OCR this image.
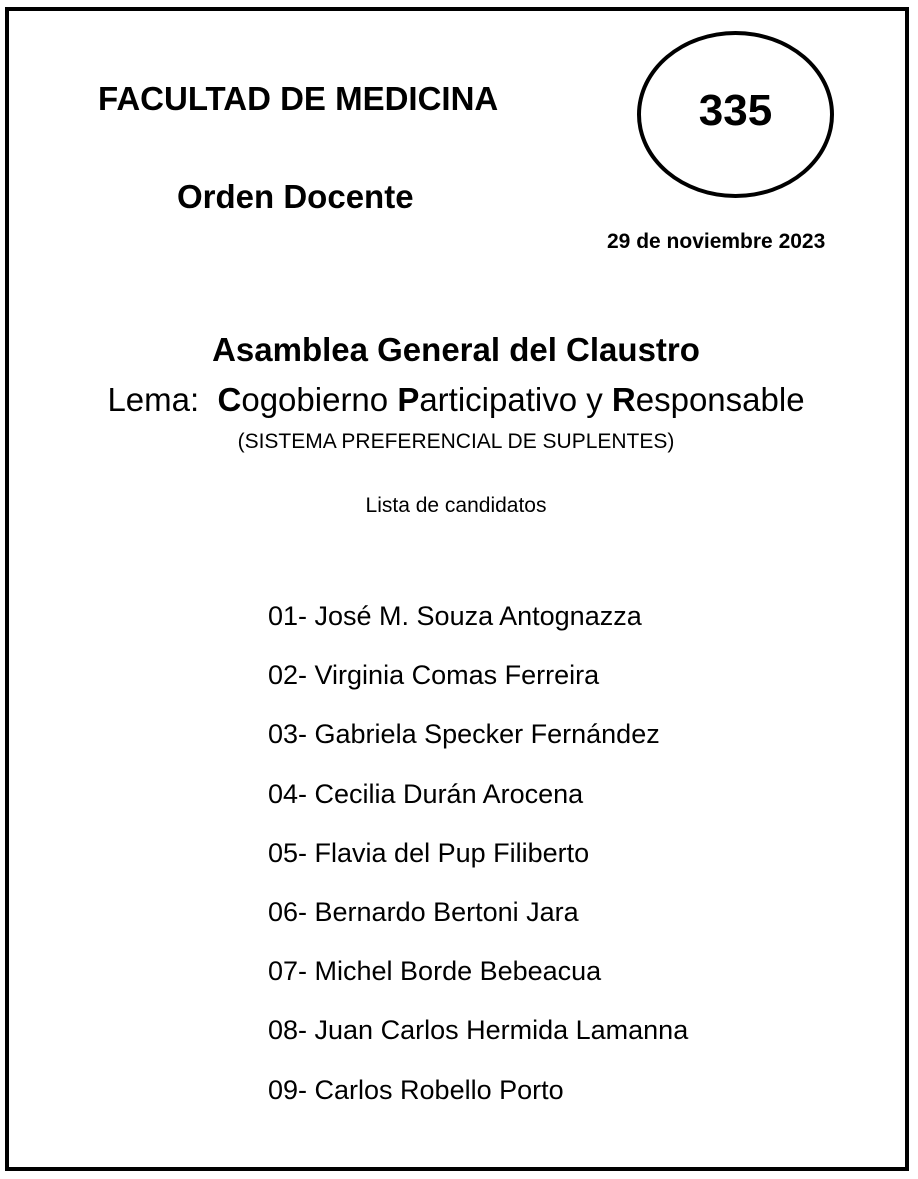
FACULTAD DE MEDICINA
Orden Docente
335
29 de noviembre 2023
Asamblea General del Claustro
Lema: Cogobierno Participativo y Responsable
(SISTEMA PREFERENCIAL DE SUPLENTES)
Lista de candidatos
01- José M. Souza Antognazza
02- Virginia Comas Ferreira
03- Gabriela Specker Fernández
04- Cecilia Durán Arocena
05- Flavia del Pup Filiberto
06- Bernardo Bertoni Jara
07- Michel Borde Bebeacua
08- Juan Carlos Hermida Lamanna
09- Carlos Robello Porto
